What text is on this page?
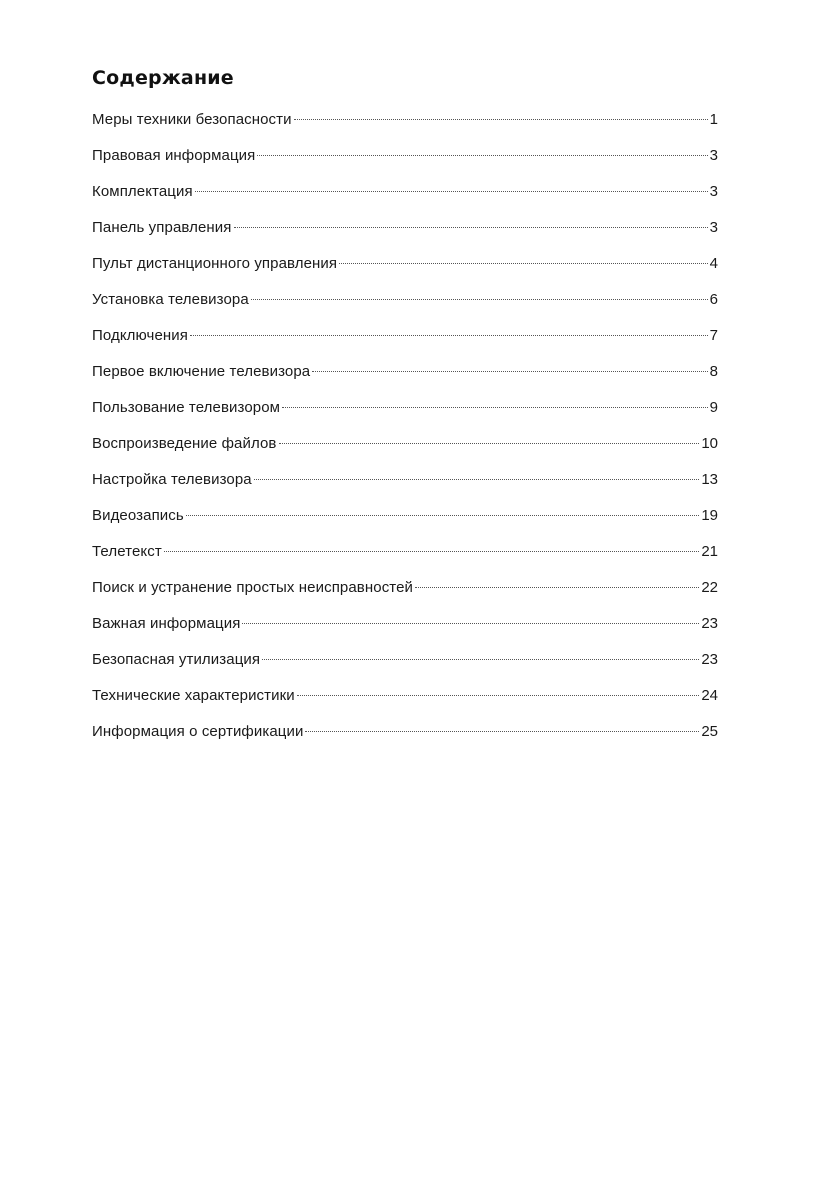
Содержание
Меры техники безопасности	1
Правовая информация	3
Комплектация	3
Панель управления	3
Пульт дистанционного управления	4
Установка телевизора	6
Подключения	7
Первое включение телевизора	8
Пользование телевизором	9
Воспроизведение файлов	10
Настройка телевизора	13
Видеозапись	19
Телетекст	21
Поиск и устранение простых неисправностей	22
Важная информация	23
Безопасная утилизация	23
Технические характеристики	24
Информация о сертификации	25
